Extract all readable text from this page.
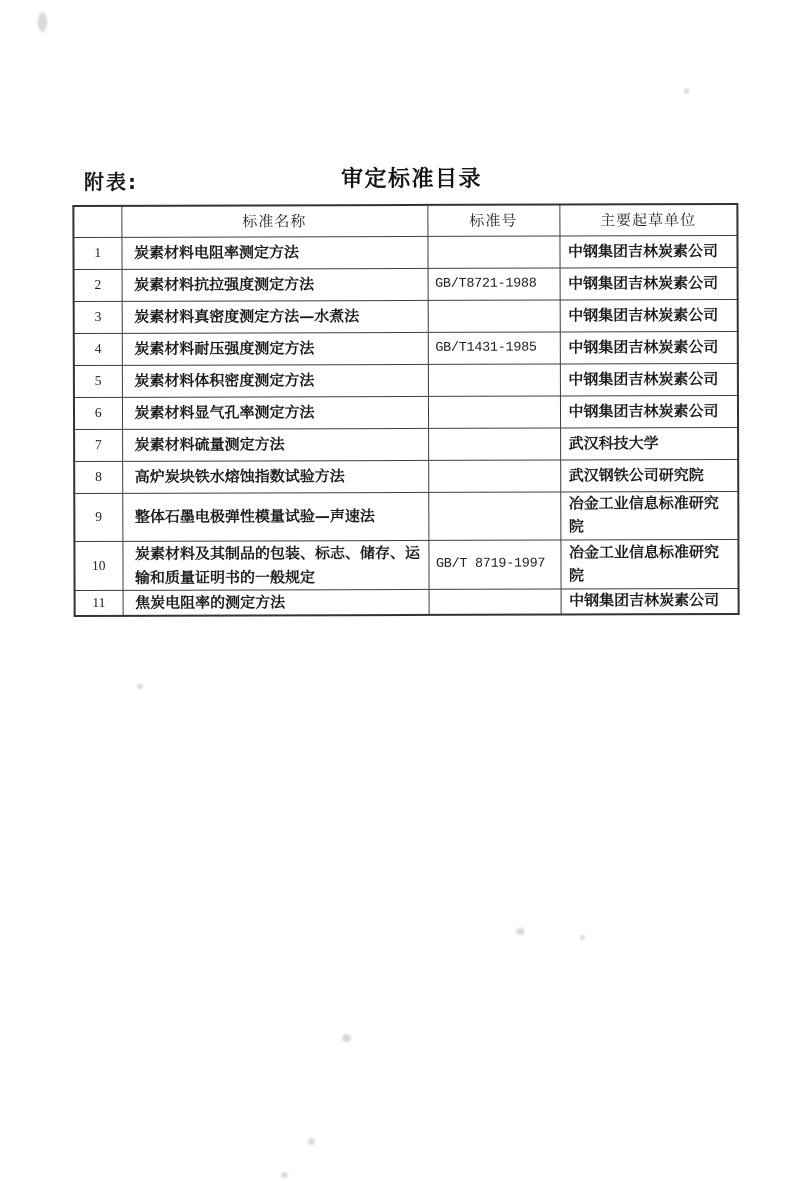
附表:	审定标准目录
	标准名称	标准号	主要起草单位
1	炭素材料电阻率测定方法		中钢集团吉林炭素公司
2	炭素材料抗拉强度测定方法	GB/T8721-1988	中钢集团吉林炭素公司
3	炭素材料真密度测定方法—水煮法		中钢集团吉林炭素公司
4	炭素材料耐压强度测定方法	GB/T1431-1985	中钢集团吉林炭素公司
5	炭素材料体积密度测定方法		中钢集团吉林炭素公司
6	炭素材料显气孔率测定方法		中钢集团吉林炭素公司
7	炭素材料硫量测定方法		武汉科技大学
8	高炉炭块铁水熔蚀指数试验方法		武汉钢铁公司研究院
9	整体石墨电极弹性模量试验—声速法		冶金工业信息标准研究院
10	炭素材料及其制品的包装、标志、储存、运输和质量证明书的一般规定	GB/T 8719-1997	冶金工业信息标准研究院
11	焦炭电阻率的测定方法		中钢集团吉林炭素公司
